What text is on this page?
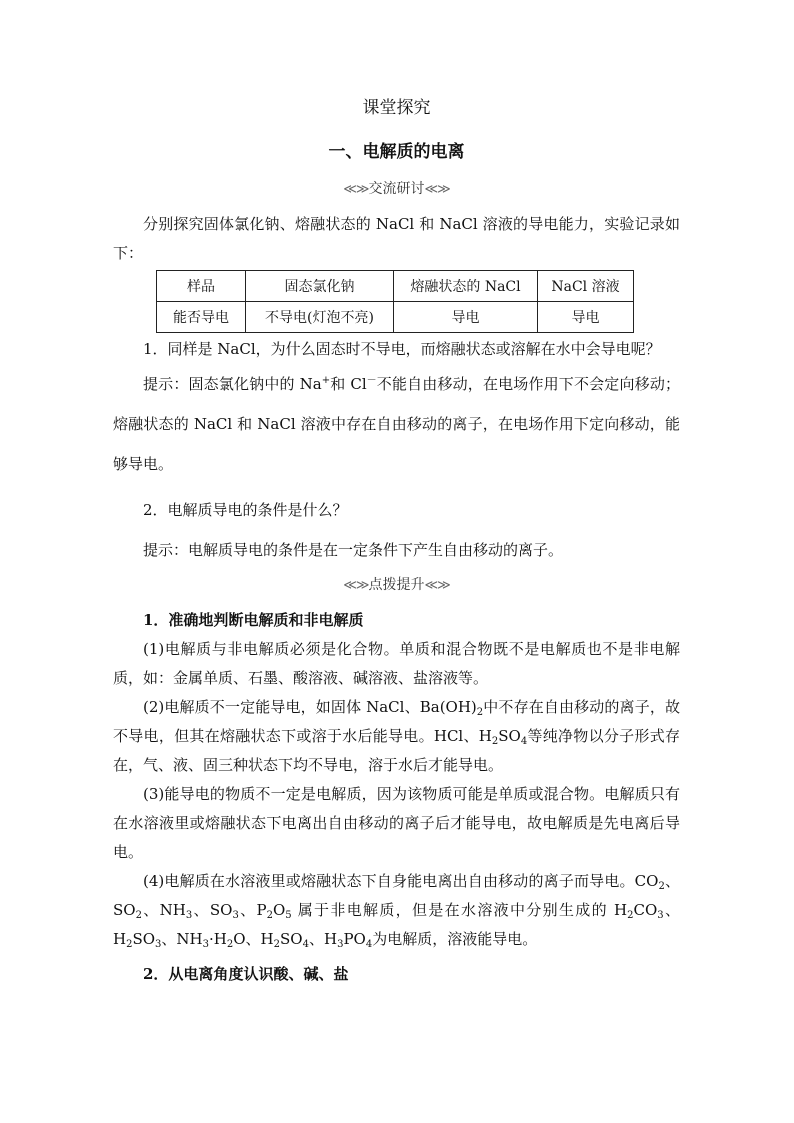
课堂探究
一、电解质的电离
≪≫交流研讨≪≫

分别探究固体氯化钠、熔融状态的 NaCl 和 NaCl 溶液的导电能力，实验记录如下：

样品	固态氯化钠	熔融状态的 NaCl	NaCl 溶液
能否导电	不导电(灯泡不亮)	导电	导电

1．同样是 NaCl，为什么固态时不导电，而熔融状态或溶解在水中会导电呢？

提示：固态氯化钠中的 Na+和 Cl－不能自由移动，在电场作用下不会定向移动；熔融状态的 NaCl 和 NaCl 溶液中存在自由移动的离子，在电场作用下定向移动，能够导电。

2．电解质导电的条件是什么？

提示：电解质导电的条件是在一定条件下产生自由移动的离子。

≪≫点拨提升≪≫

1．准确地判断电解质和非电解质

(1)电解质与非电解质必须是化合物。单质和混合物既不是电解质也不是非电解质，如：金属单质、石墨、酸溶液、碱溶液、盐溶液等。

(2)电解质不一定能导电，如固体 NaCl、$Ba(OH)_2$中不存在自由移动的离子，故不导电，但其在熔融状态下或溶于水后能导电。HCl、$H_2SO_4$等纯净物以分子形式存在，气、液、固三种状态下均不导电，溶于水后才能导电。

(3)能导电的物质不一定是电解质，因为该物质可能是单质或混合物。电解质只有在水溶液里或熔融状态下电离出自由移动的离子后才能导电，故电解质是先电离后导电。

(4)电解质在水溶液里或熔融状态下自身能电离出自由移动的离子而导电。$CO_2$、$SO_2$、$NH_3$、$SO_3$、$P_2O_5$ 属于非电解质，但是在水溶液中分别生成的 $H_2CO_3$、$H_2SO_3$、$NH_3\cdot H_2O$、$H_2SO_4$、$H_3PO_4$为电解质，溶液能导电。

2．从电离角度认识酸、碱、盐
